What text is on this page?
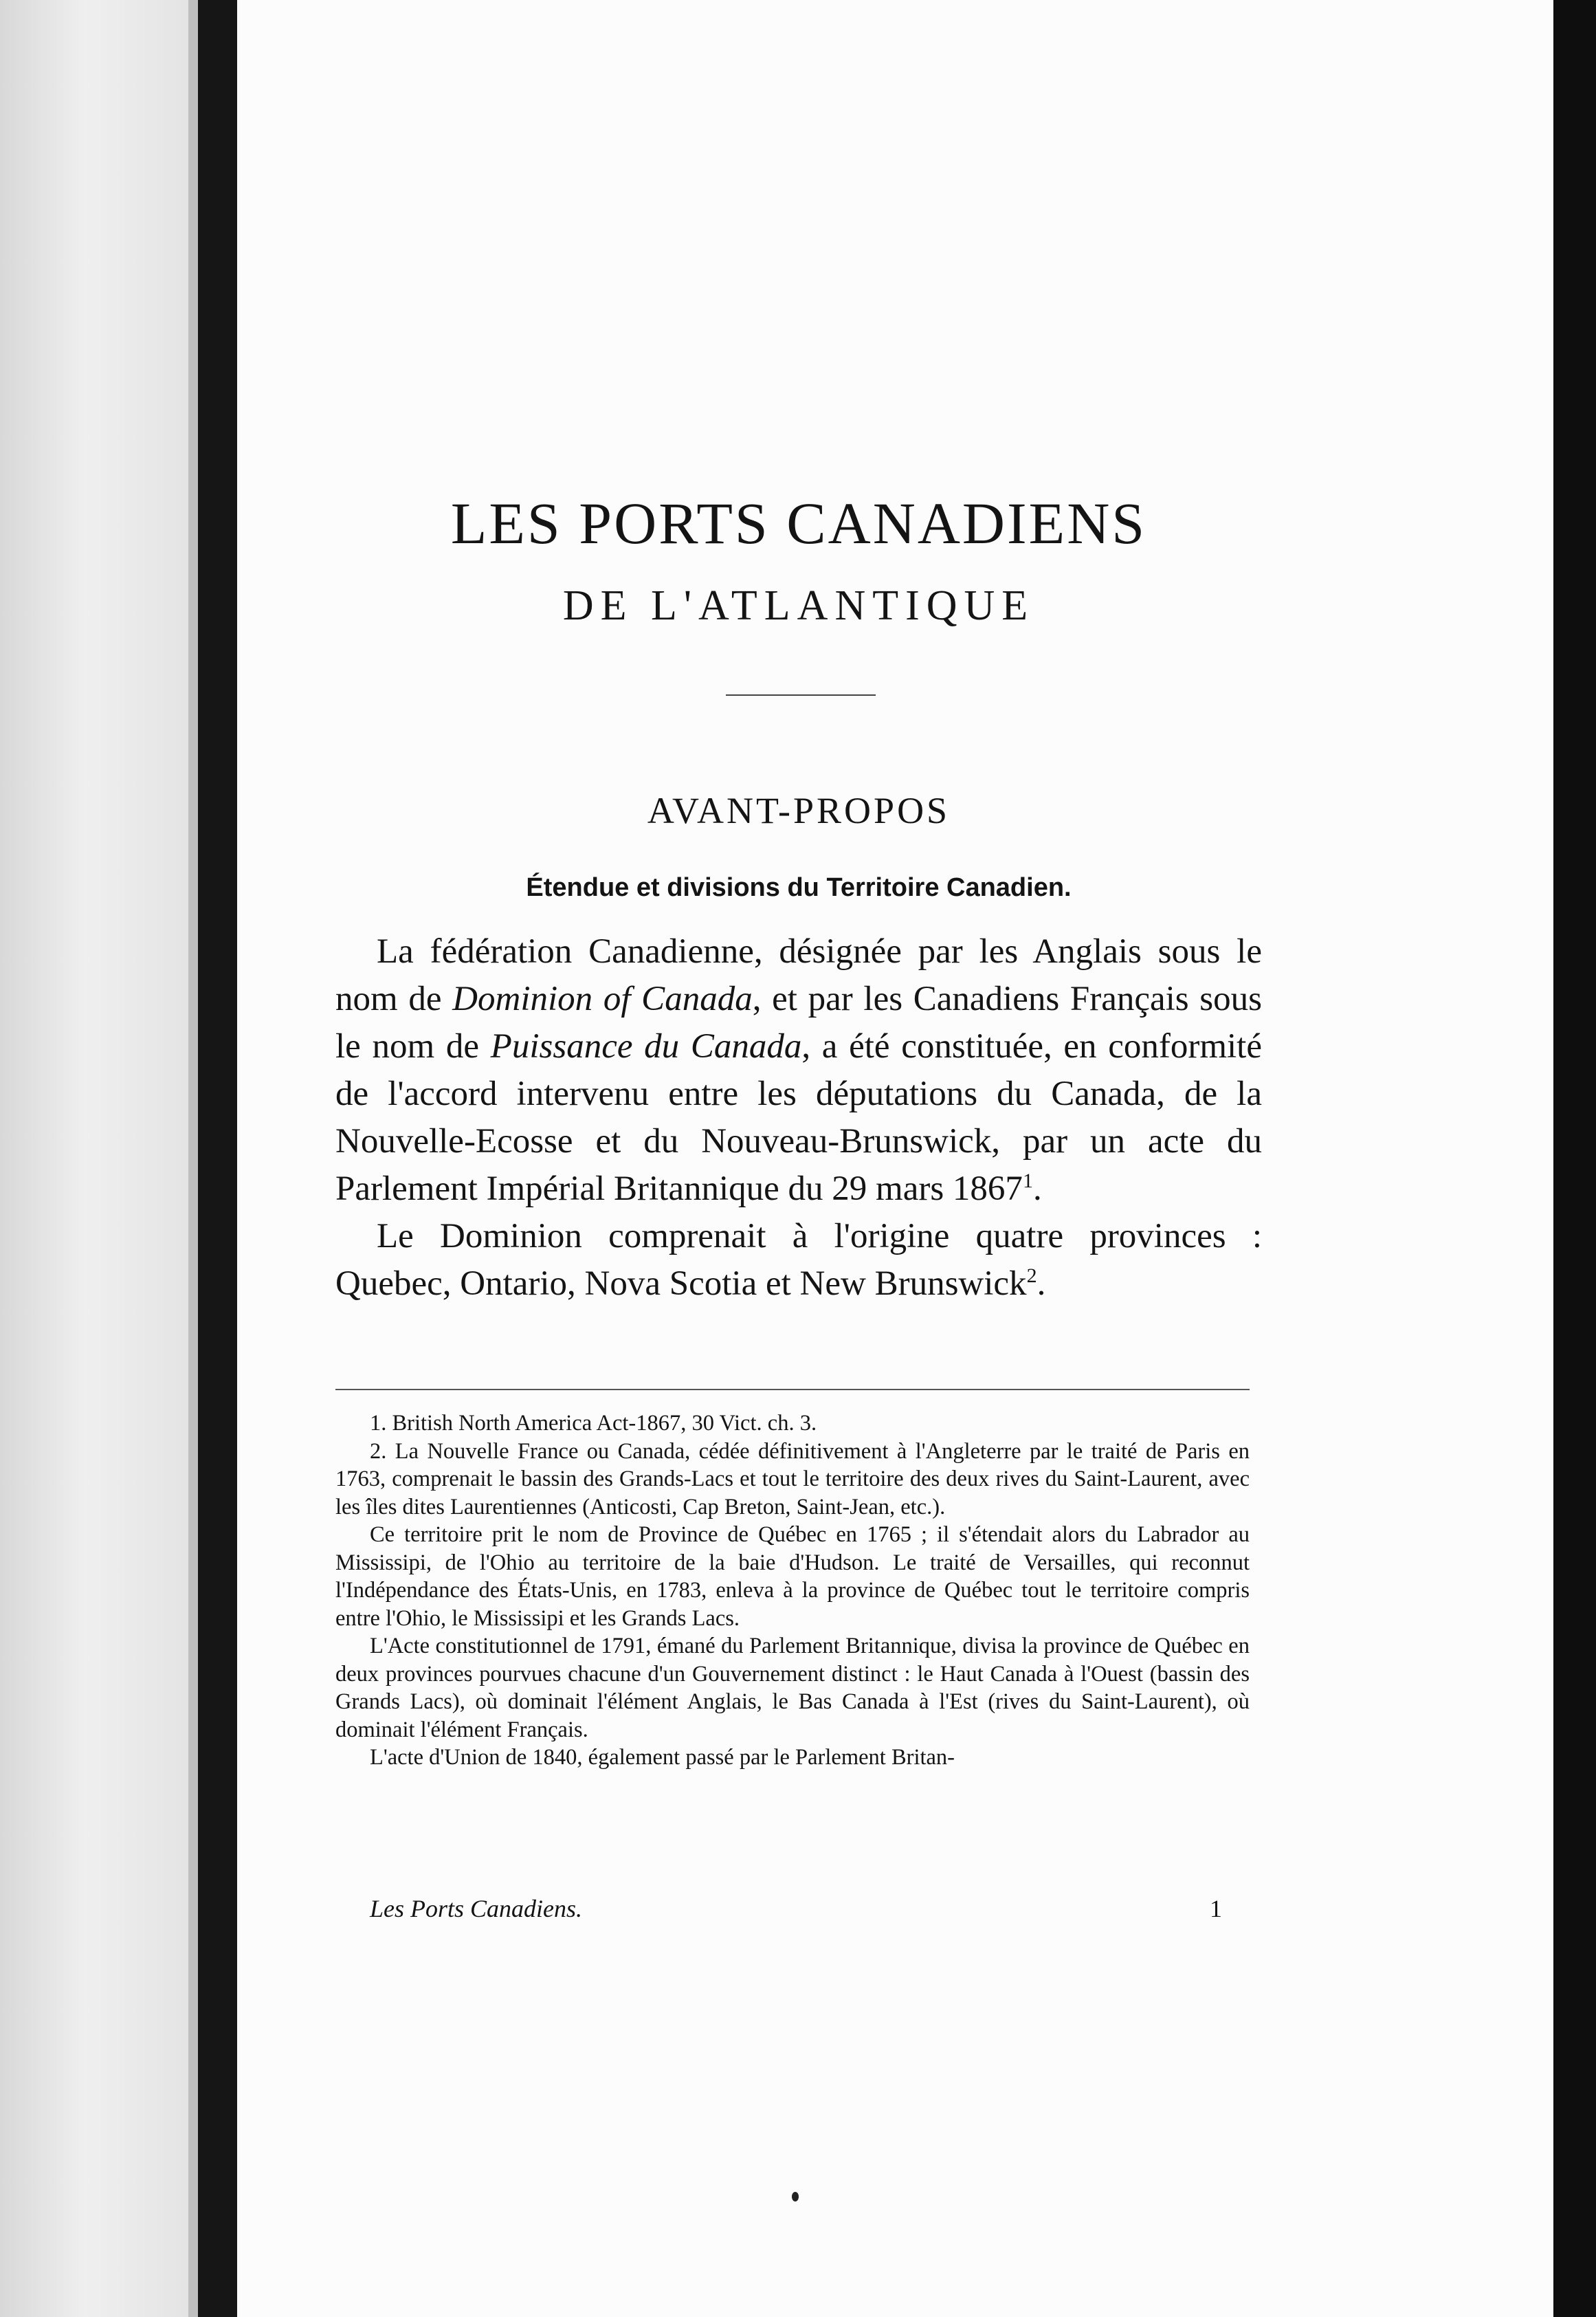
LES PORTS CANADIENS
DE L'ATLANTIQUE
AVANT-PROPOS
Étendue et divisions du Territoire Canadien.

La fédération Canadienne, désignée par les Anglais sous le nom de Dominion of Canada, et par les Canadiens Français sous le nom de Puissance du Canada, a été constituée, en conformité de l'accord intervenu entre les députations du Canada, de la Nouvelle-Ecosse et du Nouveau-Brunswick, par un acte du Parlement Impérial Britannique du 29 mars 1867$^1$.

Le Dominion comprenait à l'origine quatre provinces : Quebec, Ontario, Nova Scotia et New Brunswick$^2$.

1. British North America Act-1867, 30 Vict. ch. 3.

2. La Nouvelle France ou Canada, cédée définitivement à l'Angleterre par le traité de Paris en 1763, comprenait le bassin des Grands-Lacs et tout le territoire des deux rives du Saint-Laurent, avec les îles dites Laurentiennes (Anticosti, Cap Breton, Saint-Jean, etc.).

Ce territoire prit le nom de Province de Québec en 1765 ; il s'étendait alors du Labrador au Mississipi, de l'Ohio au territoire de la baie d'Hudson. Le traité de Versailles, qui reconnut l'Indépendance des États-Unis, en 1783, enleva à la province de Québec tout le territoire compris entre l'Ohio, le Mississipi et les Grands Lacs.

L'Acte constitutionnel de 1791, émané du Parlement Britannique, divisa la province de Québec en deux provinces pourvues chacune d'un Gouvernement distinct : le Haut Canada à l'Ouest (bassin des Grands Lacs), où dominait l'élément Anglais, le Bas Canada à l'Est (rives du Saint-Laurent), où dominait l'élément Français.

L'acte d'Union de 1840, également passé par le Parlement Britan-

Les Ports Canadiens.	1
